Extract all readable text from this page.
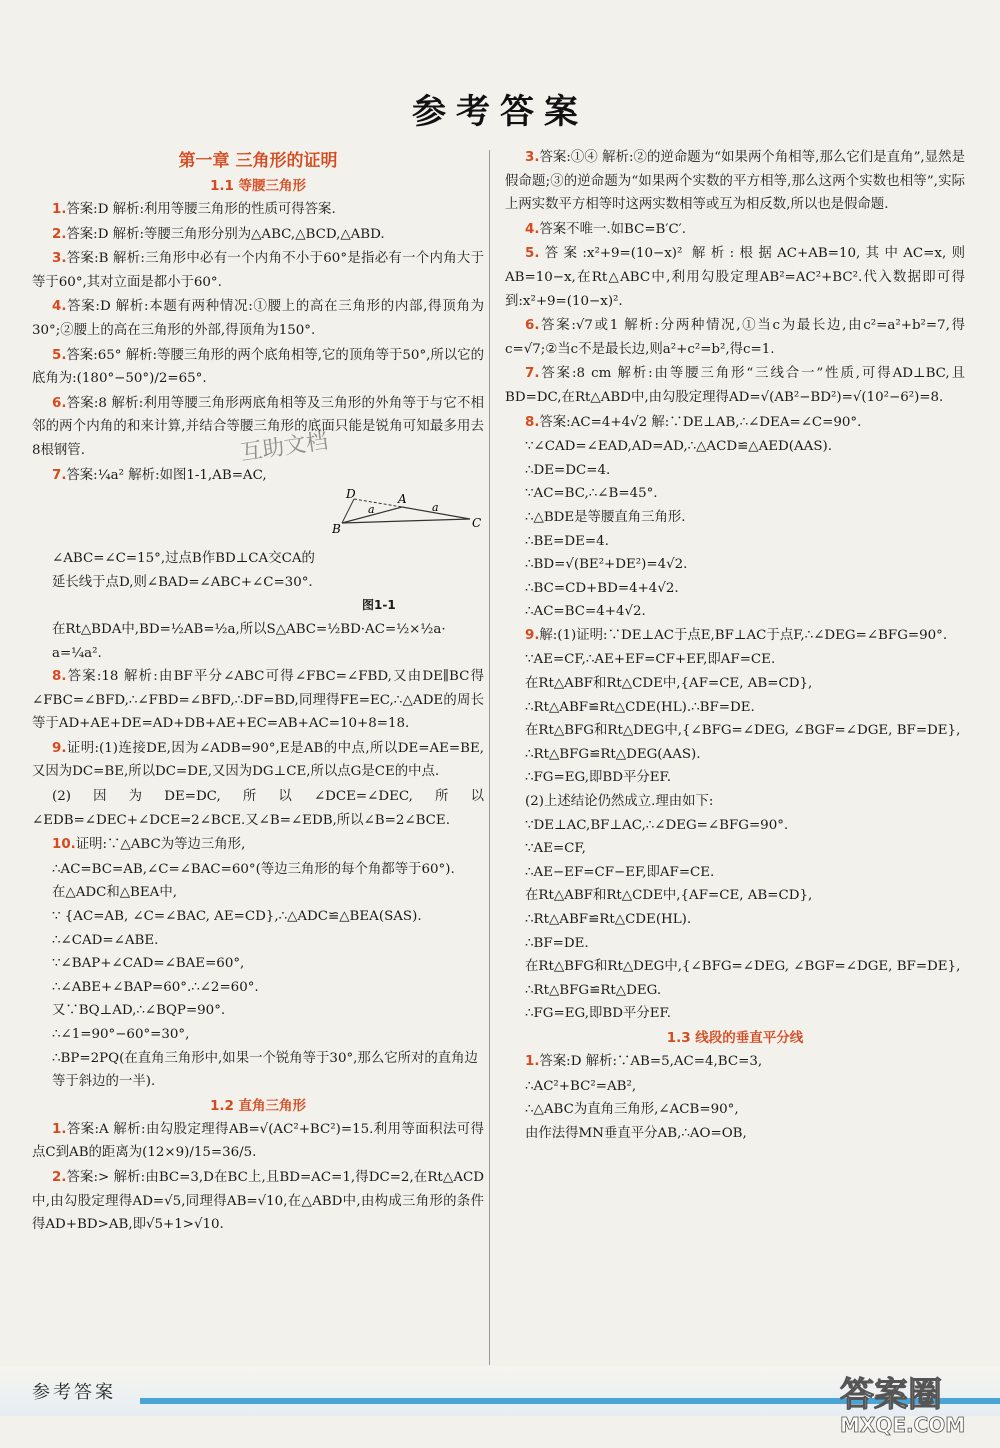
参考答案
第一章 三角形的证明
1.1 等腰三角形

1.答案:D 解析:利用等腰三角形的性质可得答案.

2.答案:D 解析:等腰三角形分别为△ABC,△BCD,△ABD.

3.答案:B 解析:三角形中必有一个内角不小于60°是指必有一个内角大于等于60°,其对立面是都小于60°.

4.答案:D 解析:本题有两种情况:①腰上的高在三角形的内部,得顶角为30°;②腰上的高在三角形的外部,得顶角为150°.

5.答案:65° 解析:等腰三角形的两个底角相等,它的顶角等于50°,所以它的底角为:(180°−50°)/2=65°.

6.答案:8 解析:利用等腰三角形两底角相等及三角形的外角等于与它不相邻的两个内角的和来计算,并结合等腰三角形的底面只能是锐角可知最多用去8根钢管.

7.答案:¼a² 解析:如图1-1,AB=AC,

D	A
B	C
a	a

∠ABC=∠C=15°,过点B作BD⊥CA交CA的

延长线于点D,则∠BAD=∠ABC+∠C=30°.

图1-1

在Rt△BDA中,BD=½AB=½a,所以S△ABC=½BD·AC=½×½a·

a=¼a².

8.答案:18 解析:由BF平分∠ABC可得∠FBC=∠FBD,又由DE∥BC得∠FBC=∠BFD,∴∠FBD=∠BFD,∴DF=BD,同理得FE=EC,∴△ADE的周长等于AD+AE+DE=AD+DB+AE+EC=AB+AC=10+8=18.

9.证明:(1)连接DE,因为∠ADB=90°,E是AB的中点,所以DE=AE=BE,又因为DC=BE,所以DC=DE,又因为DG⊥CE,所以点G是CE的中点.

(2)因为DE=DC,所以∠DCE=∠DEC,所以∠EDB=∠DEC+∠DCE=2∠BCE.又∠B=∠EDB,所以∠B=2∠BCE.

10.证明:∵△ABC为等边三角形,

∴AC=BC=AB,∠C=∠BAC=60°(等边三角形的每个角都等于60°).

在△ADC和△BEA中,

∵ {AC=AB, ∠C=∠BAC, AE=CD},∴△ADC≌△BEA(SAS).

∴∠CAD=∠ABE.

∵∠BAP+∠CAD=∠BAE=60°,

∴∠ABE+∠BAP=60°.∴∠2=60°.

又∵BQ⊥AD,∴∠BQP=90°.

∴∠1=90°−60°=30°,

∴BP=2PQ(在直角三角形中,如果一个锐角等于30°,那么它所对的直角边等于斜边的一半).

1.2 直角三角形

1.答案:A 解析:由勾股定理得AB=√(AC²+BC²)=15.利用等面积法可得点C到AB的距离为(12×9)/15=36/5.

2.答案:> 解析:由BC=3,D在BC上,且BD=AC=1,得DC=2,在Rt△ACD中,由勾股定理得AD=√5,同理得AB=√10,在△ABD中,由构成三角形的条件得AD+BD>AB,即√5+1>√10.

3.答案:①④ 解析:②的逆命题为“如果两个角相等,那么它们是直角”,显然是假命题;③的逆命题为“如果两个实数的平方相等,那么这两个实数也相等”,实际上两实数平方相等时这两实数相等或互为相反数,所以也是假命题.

4.答案不唯一.如BC=B′C′.

5.答案:x²+9=(10−x)² 解析:根据AC+AB=10,其中AC=x,则AB=10−x,在Rt△ABC中,利用勾股定理AB²=AC²+BC².代入数据即可得到:x²+9=(10−x)².

6.答案:√7或1 解析:分两种情况,①当c为最长边,由c²=a²+b²=7,得c=√7;②当c不是最长边,则a²+c²=b²,得c=1.

7.答案:8 cm 解析:由等腰三角形“三线合一”性质,可得AD⊥BC,且BD=DC,在Rt△ABD中,由勾股定理得AD=√(AB²−BD²)=√(10²−6²)=8.

8.答案:AC=4+4√2 解:∵DE⊥AB,∴∠DEA=∠C=90°.

∵∠CAD=∠EAD,AD=AD,∴△ACD≌△AED(AAS).

∴DE=DC=4.

∵AC=BC,∴∠B=45°.

∴△BDE是等腰直角三角形.

∴BE=DE=4.

∴BD=√(BE²+DE²)=4√2.

∴BC=CD+BD=4+4√2.

∴AC=BC=4+4√2.

9.解:(1)证明:∵DE⊥AC于点E,BF⊥AC于点F,∴∠DEG=∠BFG=90°.

∵AE=CF,∴AE+EF=CF+EF,即AF=CE.

在Rt△ABF和Rt△CDE中,{AF=CE, AB=CD},

∴Rt△ABF≌Rt△CDE(HL).∴BF=DE.

在Rt△BFG和Rt△DEG中,{∠BFG=∠DEG, ∠BGF=∠DGE, BF=DE},

∴Rt△BFG≌Rt△DEG(AAS).

∴FG=EG,即BD平分EF.

(2)上述结论仍然成立.理由如下:

∵DE⊥AC,BF⊥AC,∴∠DEG=∠BFG=90°.

∵AE=CF,

∴AE−EF=CF−EF,即AF=CE.

在Rt△ABF和Rt△CDE中,{AF=CE, AB=CD},

∴Rt△ABF≌Rt△CDE(HL).

∴BF=DE.

在Rt△BFG和Rt△DEG中,{∠BFG=∠DEG, ∠BGF=∠DGE, BF=DE},

∴Rt△BFG≌Rt△DEG.

∴FG=EG,即BD平分EF.

1.3 线段的垂直平分线

1.答案:D 解析:∵AB=5,AC=4,BC=3,

∴AC²+BC²=AB²,

∴△ABC为直角三角形,∠ACB=90°,

由作法得MN垂直平分AB,∴AO=OB,

互助文档
参考答案	答案圈
MXQE.COM
